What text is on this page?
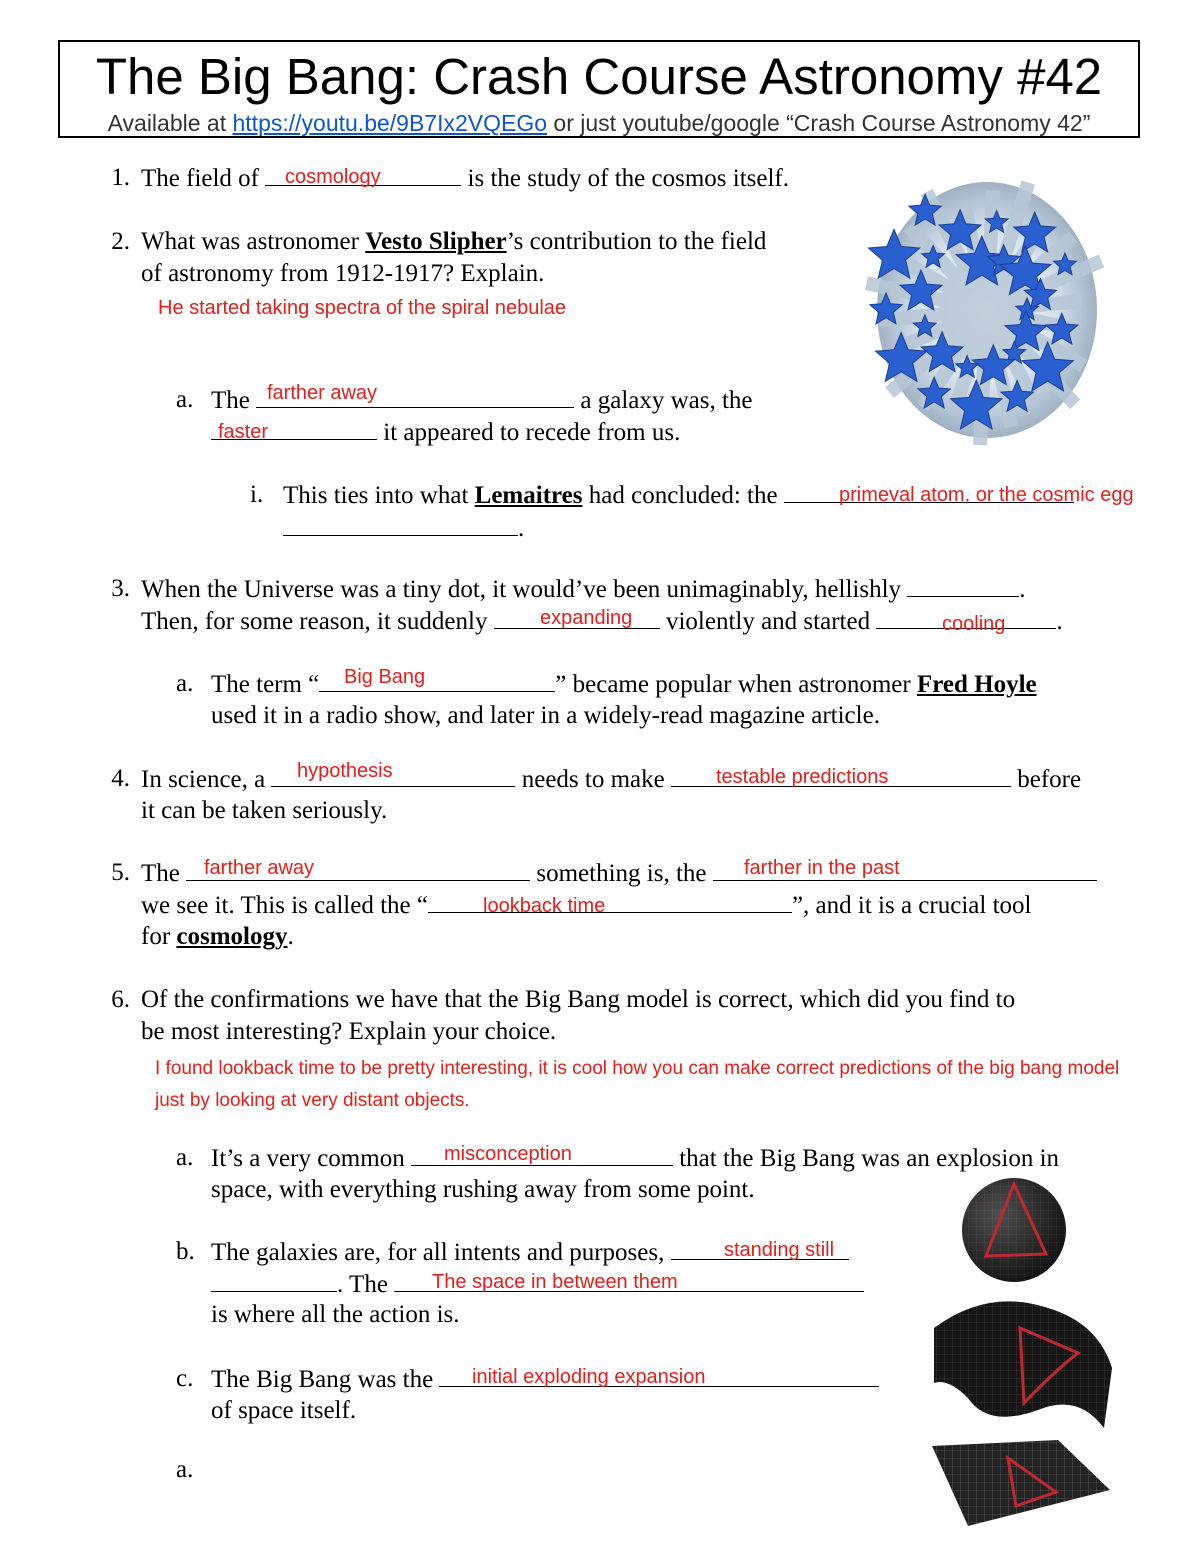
The Big Bang: Crash Course Astronomy #42
Available at https://youtu.be/9B7Ix2VQEGo or just youtube/google “Crash Course Astronomy 42”
1. The field of	is the study of the cosmos itself.
cosmology
2. What was astronomer Vesto Slipher’s contribution to the field
of astronomy from 1912-1917? Explain.
He started taking spectra of the spiral nebulae
a. The	a galaxy was, the
farther away
it appeared to recede from us.
faster
i. This ties into what Lemaitres had concluded: the	primeval atom, or the cosmic egg
.
3. When the Universe was a tiny dot, it would’ve been unimaginably, hellishly	.
Then, for some reason, it suddenly	violently and started	.
expanding	cooling
a. The term “	” became popular when astronomer Fred Hoyle
Big Bang
used it in a radio show, and later in a widely-read magazine article.
4. In science, a	needs to make	before
hypothesis	testable predictions
it can be taken seriously.
5. The	something is, the
farther away	farther in the past
we see it. This is called the “	”, and it is a crucial tool
lookback time
for cosmology.
6. Of the confirmations we have that the Big Bang model is correct, which did you find to
be most interesting? Explain your choice.
I found lookback time to be pretty interesting, it is cool how you can make correct predictions of the big bang model
just by looking at very distant objects.
a. It’s a very common	that the Big Bang was an explosion in
misconception
space, with everything rushing away from some point.
b. The galaxies are, for all intents and purposes,	standing still
. The	The space in between them
is where all the action is.
c. The Big Bang was the	initial exploding expansion
of space itself.
a.
